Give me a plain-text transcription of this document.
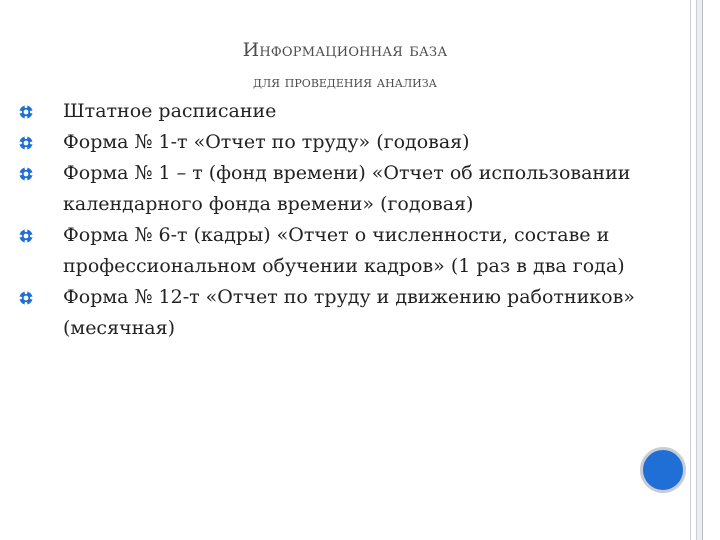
Информационная база
для проведения анализа
Штатное расписание
Форма № 1-т «Отчет по труду» (годовая)
Форма № 1 – т (фонд времени) «Отчет об использовании календарного фонда времени» (годовая)
Форма № 6-т (кадры) «Отчет о численности, составе и профессиональном обучении кадров» (1 раз в два года)
Форма № 12-т «Отчет по труду и движению работников» (месячная)
